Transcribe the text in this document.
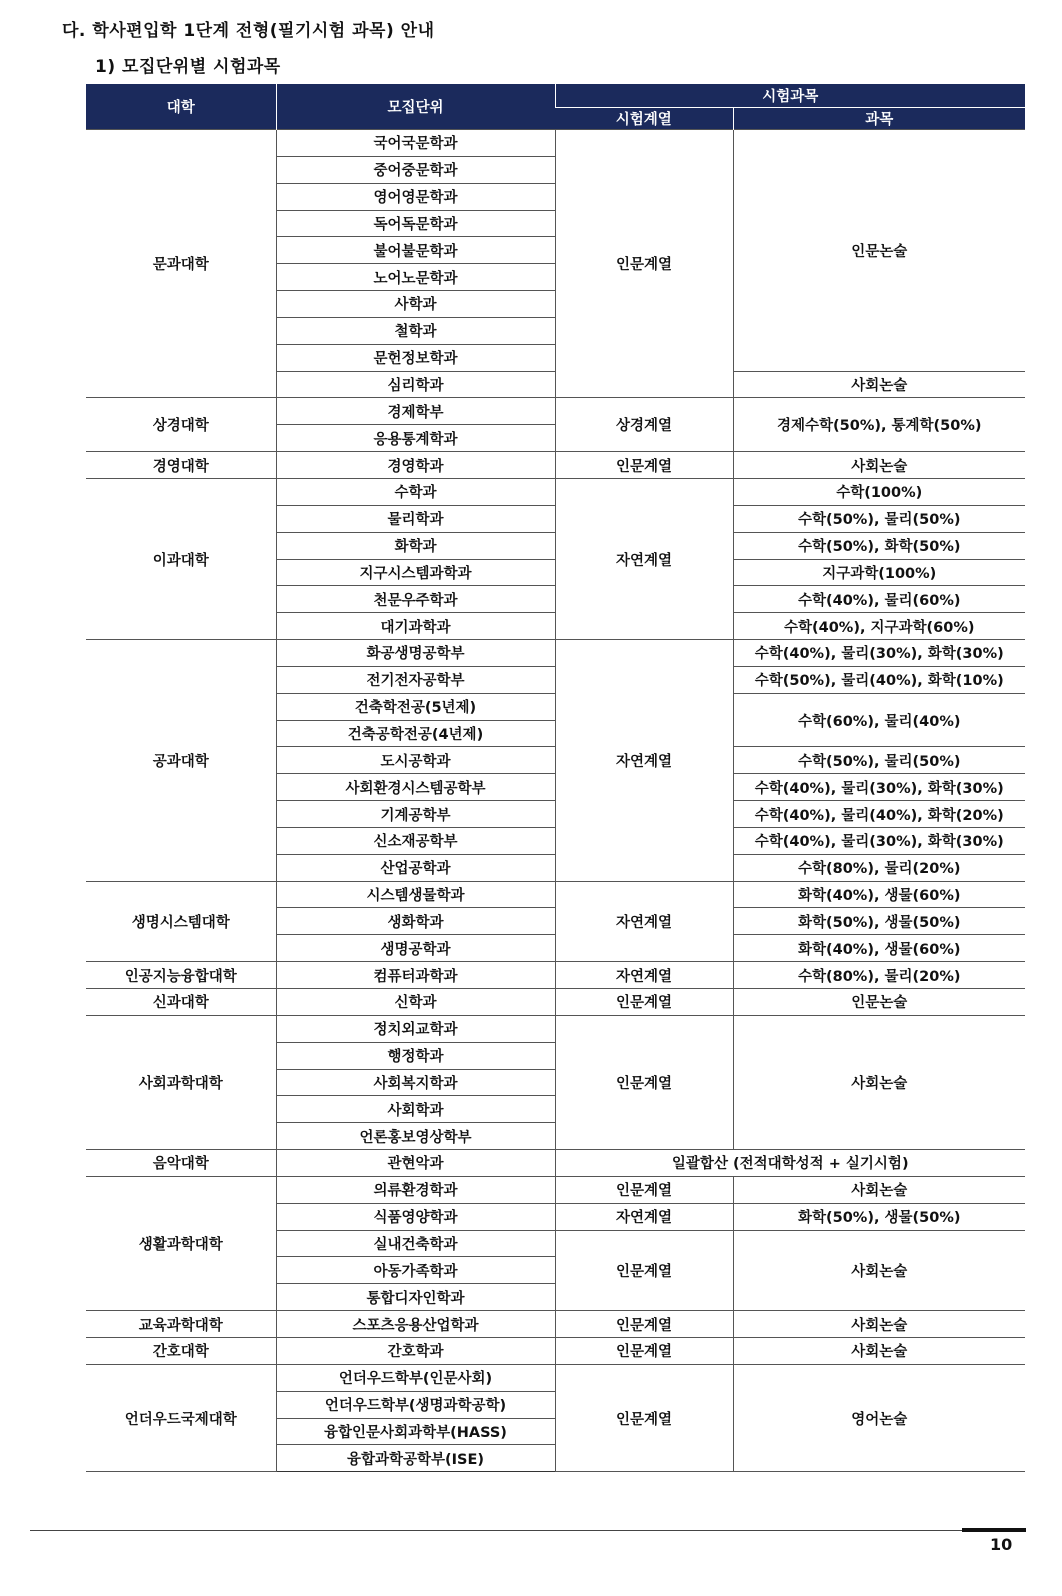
다. 학사편입학 1단계 전형(필기시험 과목) 안내
1) 모집단위별 시험과목
대학	모집단위	시험과목	
		시험계열	과목
문과대학	국어국문학과	인문계열	인문논술
	중어중문학과		
	영어영문학과		
	독어독문학과		
	불어불문학과		
	노어노문학과		
	사학과		
	철학과		
	문헌정보학과		
	심리학과		사회논술
상경대학	경제학부	상경계열	경제수학(50%), 통계학(50%)
	응용통계학과		
경영대학	경영학과	인문계열	사회논술
이과대학	수학과	자연계열	수학(100%)
	물리학과		수학(50%), 물리(50%)
	화학과		수학(50%), 화학(50%)
	지구시스템과학과		지구과학(100%)
	천문우주학과		수학(40%), 물리(60%)
	대기과학과		수학(40%), 지구과학(60%)
공과대학	화공생명공학부	자연계열	수학(40%), 물리(30%), 화학(30%)
	전기전자공학부		수학(50%), 물리(40%), 화학(10%)
	건축학전공(5년제)		수학(60%), 물리(40%)
	건축공학전공(4년제)		
	도시공학과		수학(50%), 물리(50%)
	사회환경시스템공학부		수학(40%), 물리(30%), 화학(30%)
	기계공학부		수학(40%), 물리(40%), 화학(20%)
	신소재공학부		수학(40%), 물리(30%), 화학(30%)
	산업공학과		수학(80%), 물리(20%)
생명시스템대학	시스템생물학과	자연계열	화학(40%), 생물(60%)
	생화학과		화학(50%), 생물(50%)
	생명공학과		화학(40%), 생물(60%)
인공지능융합대학	컴퓨터과학과	자연계열	수학(80%), 물리(20%)
신과대학	신학과	인문계열	인문논술
사회과학대학	정치외교학과	인문계열	사회논술
	행정학과		
	사회복지학과		
	사회학과		
	언론홍보영상학부		
음악대학	관현악과	일괄합산 (전적대학성적 + 실기시험)	
생활과학대학	의류환경학과	인문계열	사회논술
	식품영양학과	자연계열	화학(50%), 생물(50%)
	실내건축학과	인문계열	사회논술
	아동가족학과		
	통합디자인학과		
교육과학대학	스포츠응용산업학과	인문계열	사회논술
간호대학	간호학과	인문계열	사회논술
언더우드국제대학	언더우드학부(인문사회)	인문계열	영어논술
	언더우드학부(생명과학공학)		
	융합인문사회과학부(HASS)		
	융합과학공학부(ISE)		
10
